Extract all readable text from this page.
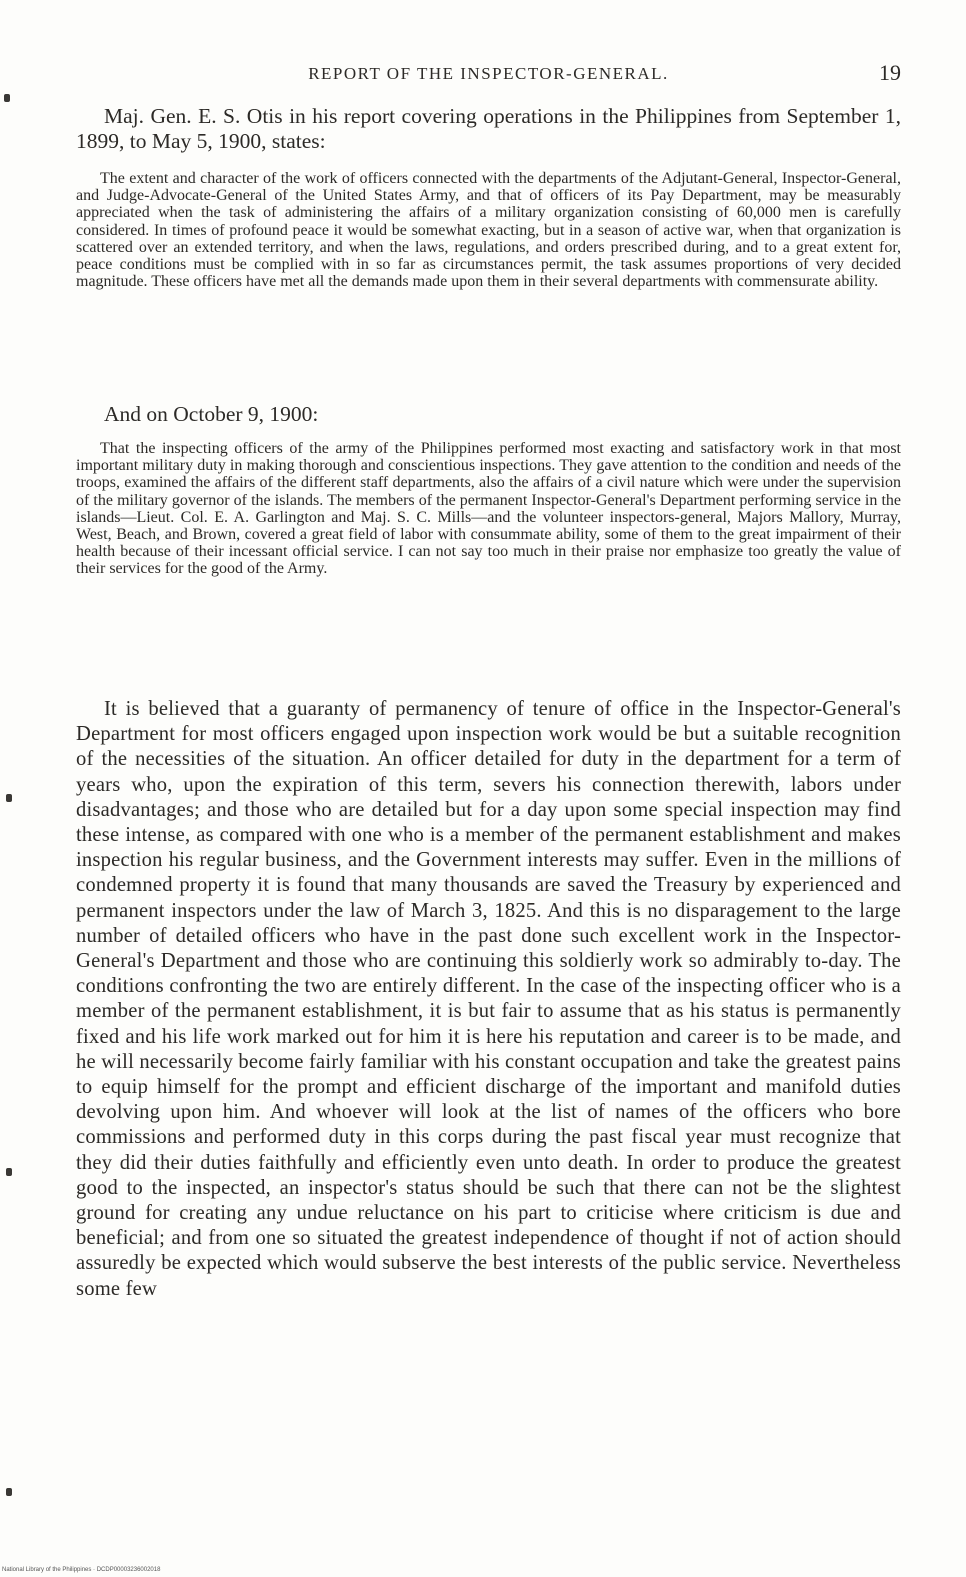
REPORT OF THE INSPECTOR-GENERAL.	19

Maj. Gen. E. S. Otis in his report covering operations in the Philippines from September 1, 1899, to May 5, 1900, states:

The extent and character of the work of officers connected with the departments of the Adjutant-General, Inspector-General, and Judge-Advocate-General of the United States Army, and that of officers of its Pay Department, may be measurably appreciated when the task of administering the affairs of a military organization consisting of 60,000 men is carefully considered. In times of profound peace it would be somewhat exacting, but in a season of active war, when that organization is scattered over an extended territory, and when the laws, regulations, and orders prescribed during, and to a great extent for, peace conditions must be complied with in so far as circumstances permit, the task assumes proportions of very decided magnitude. These officers have met all the demands made upon them in their several departments with commensurate ability.

And on October 9, 1900:

That the inspecting officers of the army of the Philippines performed most exacting and satisfactory work in that most important military duty in making thorough and conscientious inspections. They gave attention to the condition and needs of the troops, examined the affairs of the different staff departments, also the affairs of a civil nature which were under the supervision of the military governor of the islands. The members of the permanent Inspector-General's Department performing service in the islands—Lieut. Col. E. A. Garlington and Maj. S. C. Mills—and the volunteer inspectors-general, Majors Mallory, Murray, West, Beach, and Brown, covered a great field of labor with consummate ability, some of them to the great impairment of their health because of their incessant official service. I can not say too much in their praise nor emphasize too greatly the value of their services for the good of the Army.

It is believed that a guaranty of permanency of tenure of office in the Inspector-General's Department for most officers engaged upon inspection work would be but a suitable recognition of the necessities of the situation. An officer detailed for duty in the department for a term of years who, upon the expiration of this term, severs his connection therewith, labors under disadvantages; and those who are detailed but for a day upon some special inspection may find these intense, as compared with one who is a member of the permanent establishment and makes inspection his regular business, and the Government interests may suffer. Even in the millions of condemned property it is found that many thousands are saved the Treasury by experienced and permanent inspectors under the law of March 3, 1825. And this is no disparagement to the large number of detailed officers who have in the past done such excellent work in the Inspector-General's Department and those who are continuing this soldierly work so admirably to-day. The conditions confronting the two are entirely different. In the case of the inspecting officer who is a member of the permanent establishment, it is but fair to assume that as his status is permanently fixed and his life work marked out for him it is here his reputation and career is to be made, and he will necessarily become fairly familiar with his constant occupation and take the greatest pains to equip himself for the prompt and efficient discharge of the important and manifold duties devolving upon him. And whoever will look at the list of names of the officers who bore commissions and performed duty in this corps during the past fiscal year must recognize that they did their duties faithfully and efficiently even unto death. In order to produce the greatest good to the inspected, an inspector's status should be such that there can not be the slightest ground for creating any undue reluctance on his part to criticise where criticism is due and beneficial; and from one so situated the greatest independence of thought if not of action should assuredly be expected which would subserve the best interests of the public service. Nevertheless some few

National Library of the Philippines · DCDP00003236002018
